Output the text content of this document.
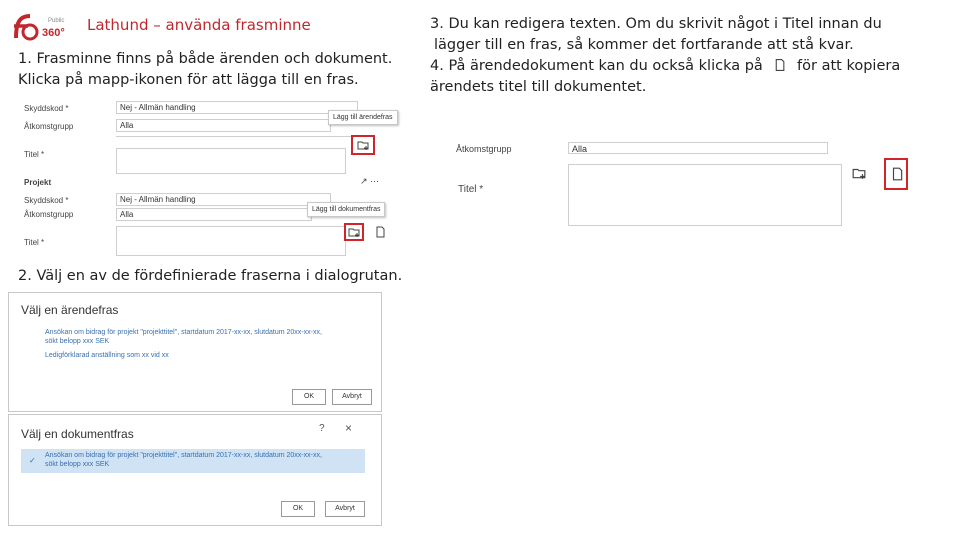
Public
360° Lathund – använda frasminne
1. Frasminne finns på både ärenden och dokument.
Klicka på mapp-ikonen för att lägga till en fras.
Skyddskod *	Nej - Allmän handling
Åtkomstgrupp	Alla
Lägg till ärendefras
Titel *
Projekt	↗ ⋯
Skyddskod *	Nej - Allmän handling
Åtkomstgrupp	Alla
Lägg till dokumentfras
Titel *
2. Välj en av de fördefinierade fraserna i dialogrutan.
Välj en ärendefras
Ansökan om bidrag för projekt "projekttitel", startdatum 2017-xx-xx, slutdatum 20xx-xx-xx,
sökt belopp xxx SEK
Ledigförklarad anställning som xx vid xx
OK	Avbryt
Välj en dokumentfras	? ×
✓
Ansökan om bidrag för projekt "projekttitel", startdatum 2017-xx-xx, slutdatum 20xx-xx-xx,
sökt belopp xxx SEK
OK	Avbryt
3. Du kan redigera texten. Om du skrivit något i Titel innan du
lägger till en fras, så kommer det fortfarande att stå kvar.
4. På ärendedokument kan du också klicka på för att kopiera
ärendets titel till dokumentet.
Åtkomstgrupp	Alla
Titel *
